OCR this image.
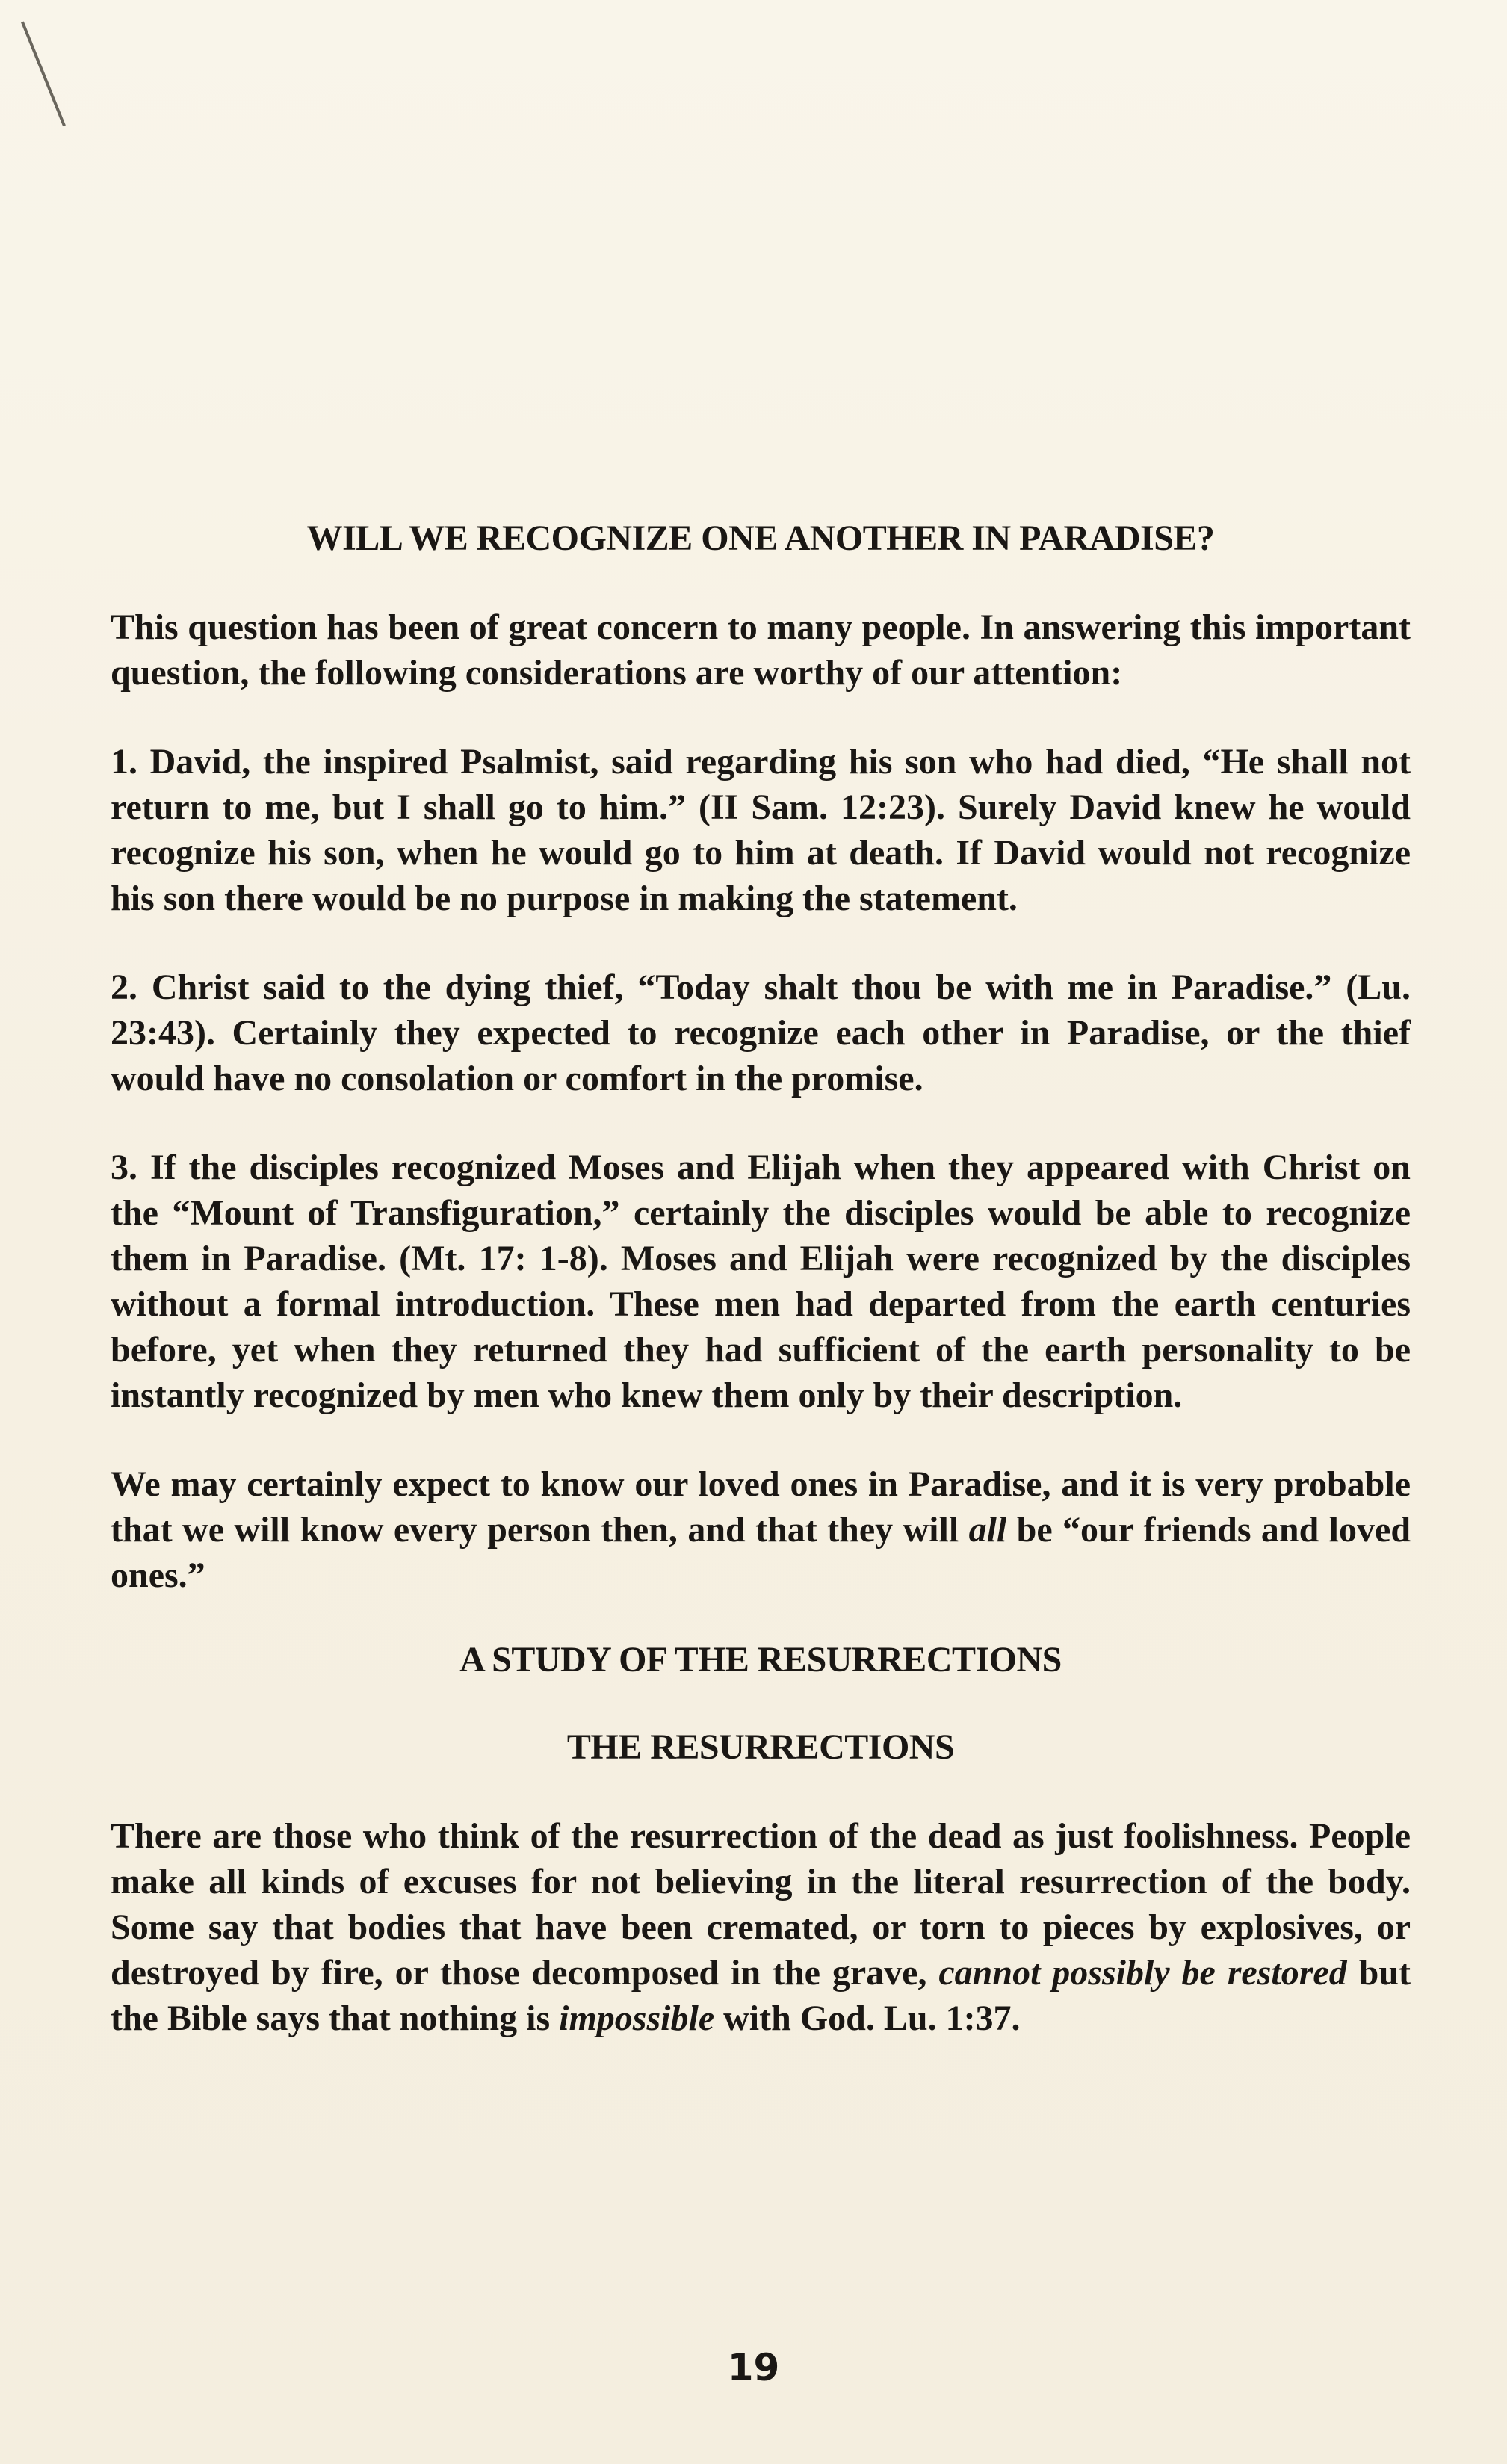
WILL WE RECOGNIZE ONE ANOTHER IN PARADISE?

This question has been of great concern to many people. In answering this important question, the following considerations are worthy of our attention:

1. David, the inspired Psalmist, said regarding his son who had died, “He shall not return to me, but I shall go to him.” (II Sam. 12:23). Surely David knew he would recognize his son, when he would go to him at death. If David would not recognize his son there would be no purpose in making the statement.

2. Christ said to the dying thief, “Today shalt thou be with me in Paradise.” (Lu. 23:43). Certainly they expected to recognize each other in Paradise, or the thief would have no consolation or comfort in the promise.

3. If the disciples recognized Moses and Elijah when they appeared with Christ on the “Mount of Transfiguration,” certainly the disciples would be able to recognize them in Paradise. (Mt. 17: 1-8). Moses and Elijah were recognized by the disciples without a formal introduction. These men had departed from the earth centuries before, yet when they returned they had sufficient of the earth personality to be instantly recognized by men who knew them only by their description.

We may certainly expect to know our loved ones in Paradise, and it is very probable that we will know every person then, and that they will all be “our friends and loved ones.”

A STUDY OF THE RESURRECTIONS

THE RESURRECTIONS

There are those who think of the resurrection of the dead as just foolishness. People make all kinds of excuses for not believing in the literal resurrection of the body. Some say that bodies that have been cremated, or torn to pieces by explosives, or destroyed by fire, or those decomposed in the grave, cannot possibly be restored but the Bible says that nothing is impossible with God. Lu. 1:37.

19
